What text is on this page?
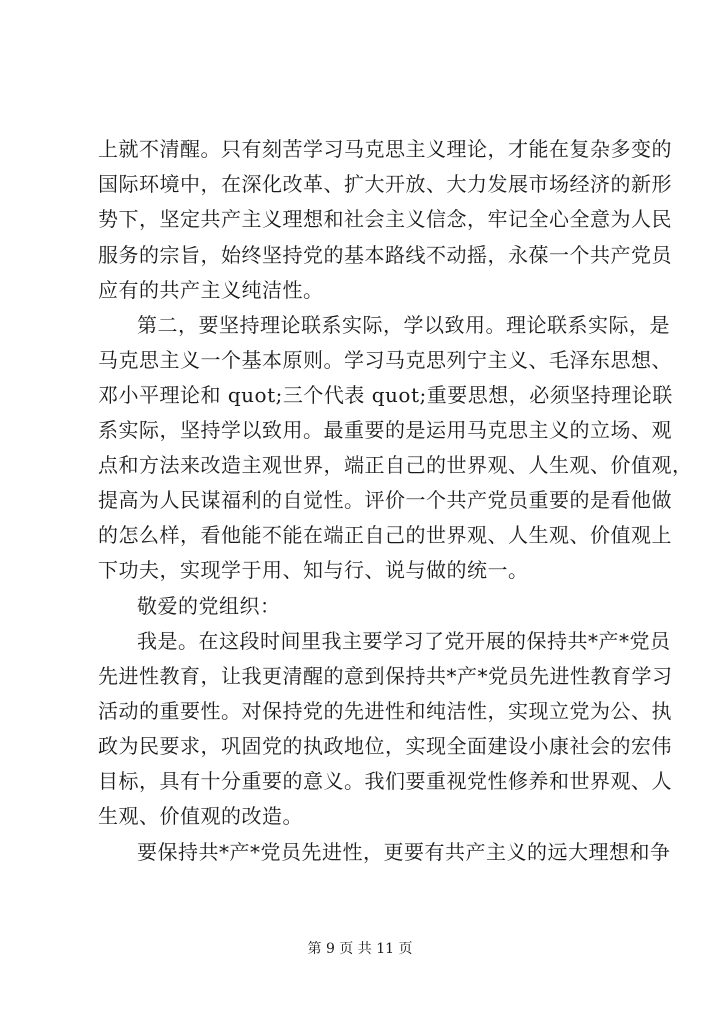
上就不清醒。只有刻苦学习马克思主义理论，才能在复杂多变的
国际环境中，在深化改革、扩大开放、大力发展市场经济的新形
势下，坚定共产主义理想和社会主义信念，牢记全心全意为人民
服务的宗旨，始终坚持党的基本路线不动摇，永葆一个共产党员
应有的共产主义纯洁性。
第二，要坚持理论联系实际，学以致用。理论联系实际，是
马克思主义一个基本原则。学习马克思列宁主义、毛泽东思想、
邓小平理论和 quot;三个代表 quot;重要思想，必须坚持理论联
系实际，坚持学以致用。最重要的是运用马克思主义的立场、观
点和方法来改造主观世界，端正自己的世界观、人生观、价值观，
提高为人民谋福利的自觉性。评价一个共产党员重要的是看他做
的怎么样，看他能不能在端正自己的世界观、人生观、价值观上
下功夫，实现学于用、知与行、说与做的统一。
敬爱的党组织：
我是。在这段时间里我主要学习了党开展的保持共*产*党员
先进性教育，让我更清醒的意到保持共*产*党员先进性教育学习
活动的重要性。对保持党的先进性和纯洁性，实现立党为公、执
政为民要求，巩固党的执政地位，实现全面建设小康社会的宏伟
目标，具有十分重要的意义。我们要重视党性修养和世界观、人
生观、价值观的改造。
要保持共*产*党员先进性，更要有共产主义的远大理想和争
第 9 页 共 11 页
